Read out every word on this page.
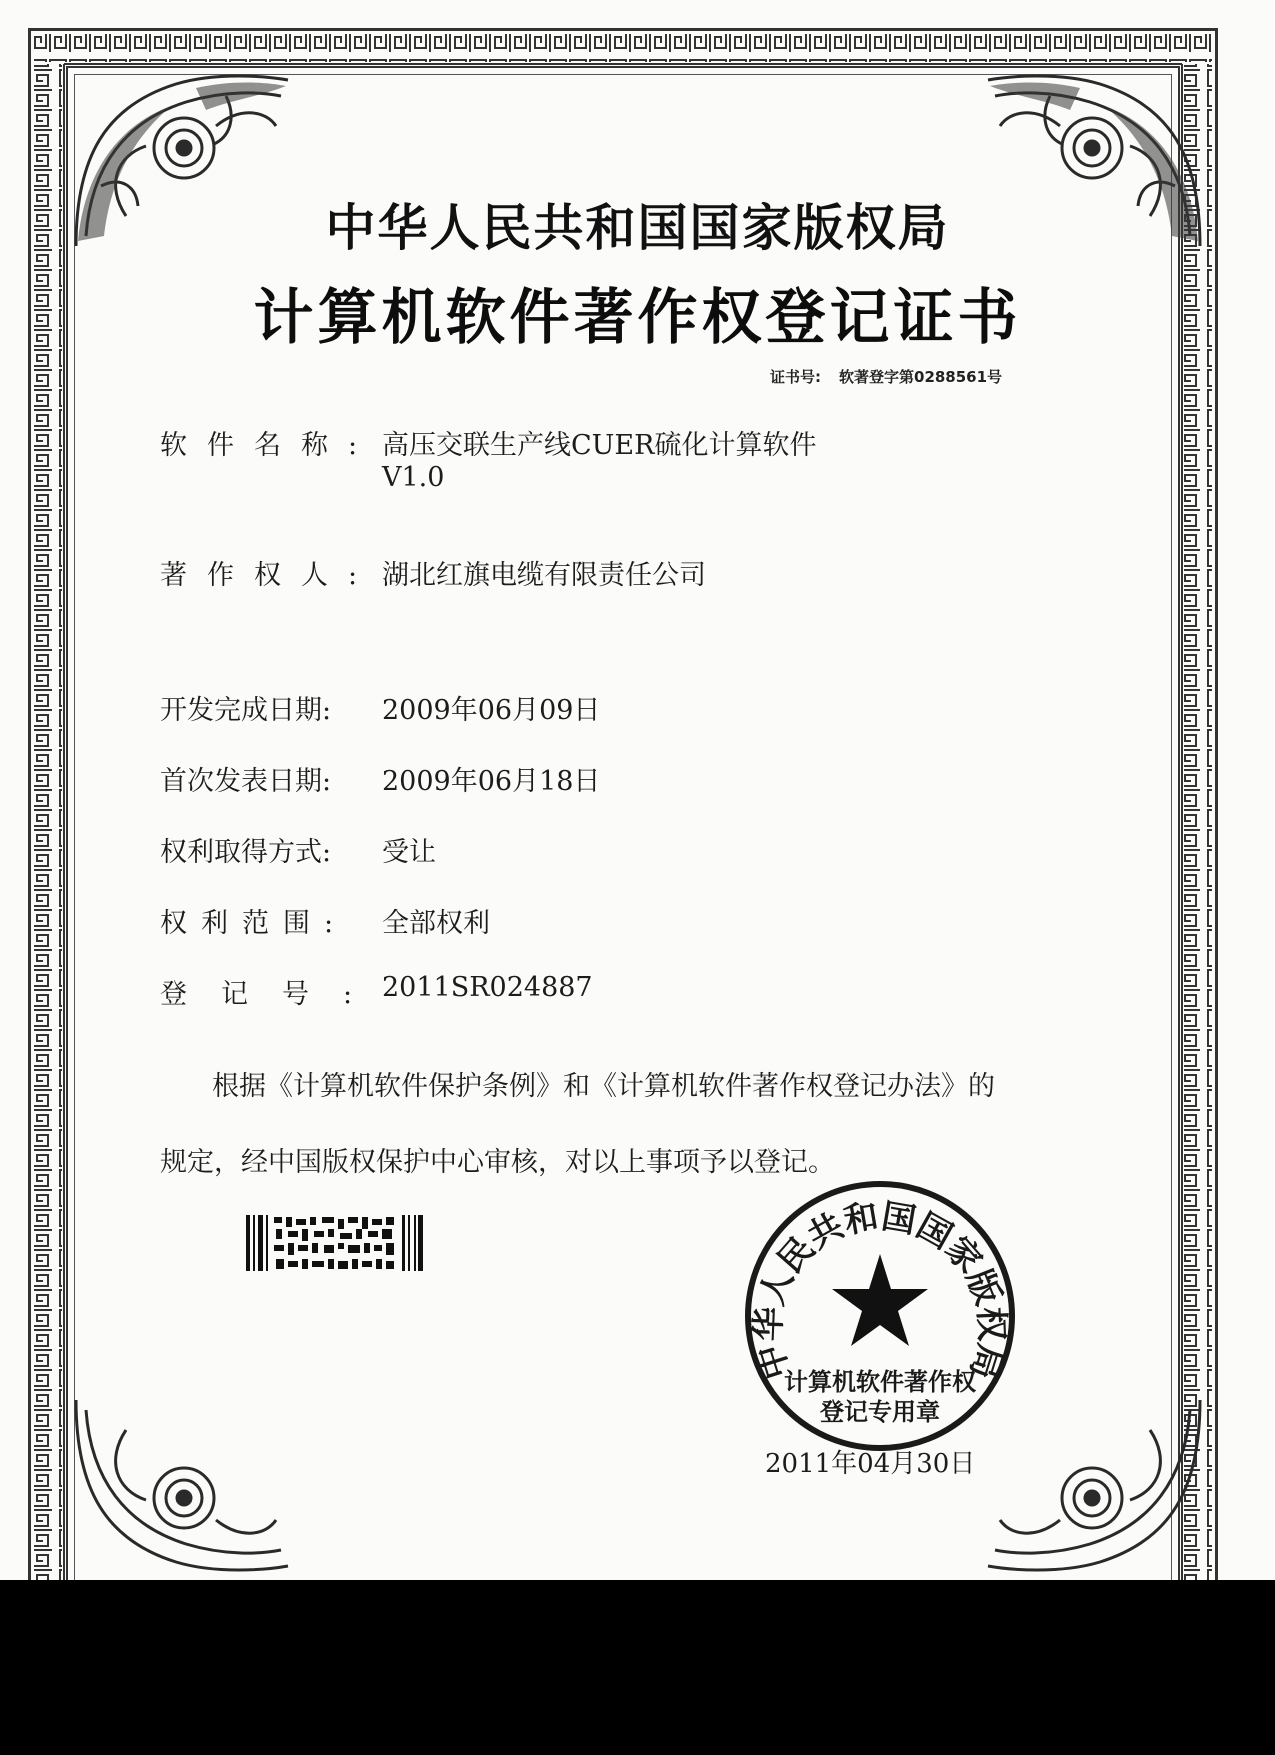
中华人民共和国国家版权局
计算机软件著作权登记证书
证书号: 软著登字第0288561号
软件名称: 高压交联生产线CUER硫化计算软件
V1.0
著作权人: 湖北红旗电缆有限责任公司
开发完成日期: 2009年06月09日
首次发表日期: 2009年06月18日
权利取得方式: 受让
权利范围: 全部权利
登记号:2011SR024887
根据《计算机软件保护条例》和《计算机软件著作权登记办法》的
规定，经中国版权保护中心审核，对以上事项予以登记。
中华人民共和国国家版权局
计算机软件著作权
登记专用章
2011年04月30日
